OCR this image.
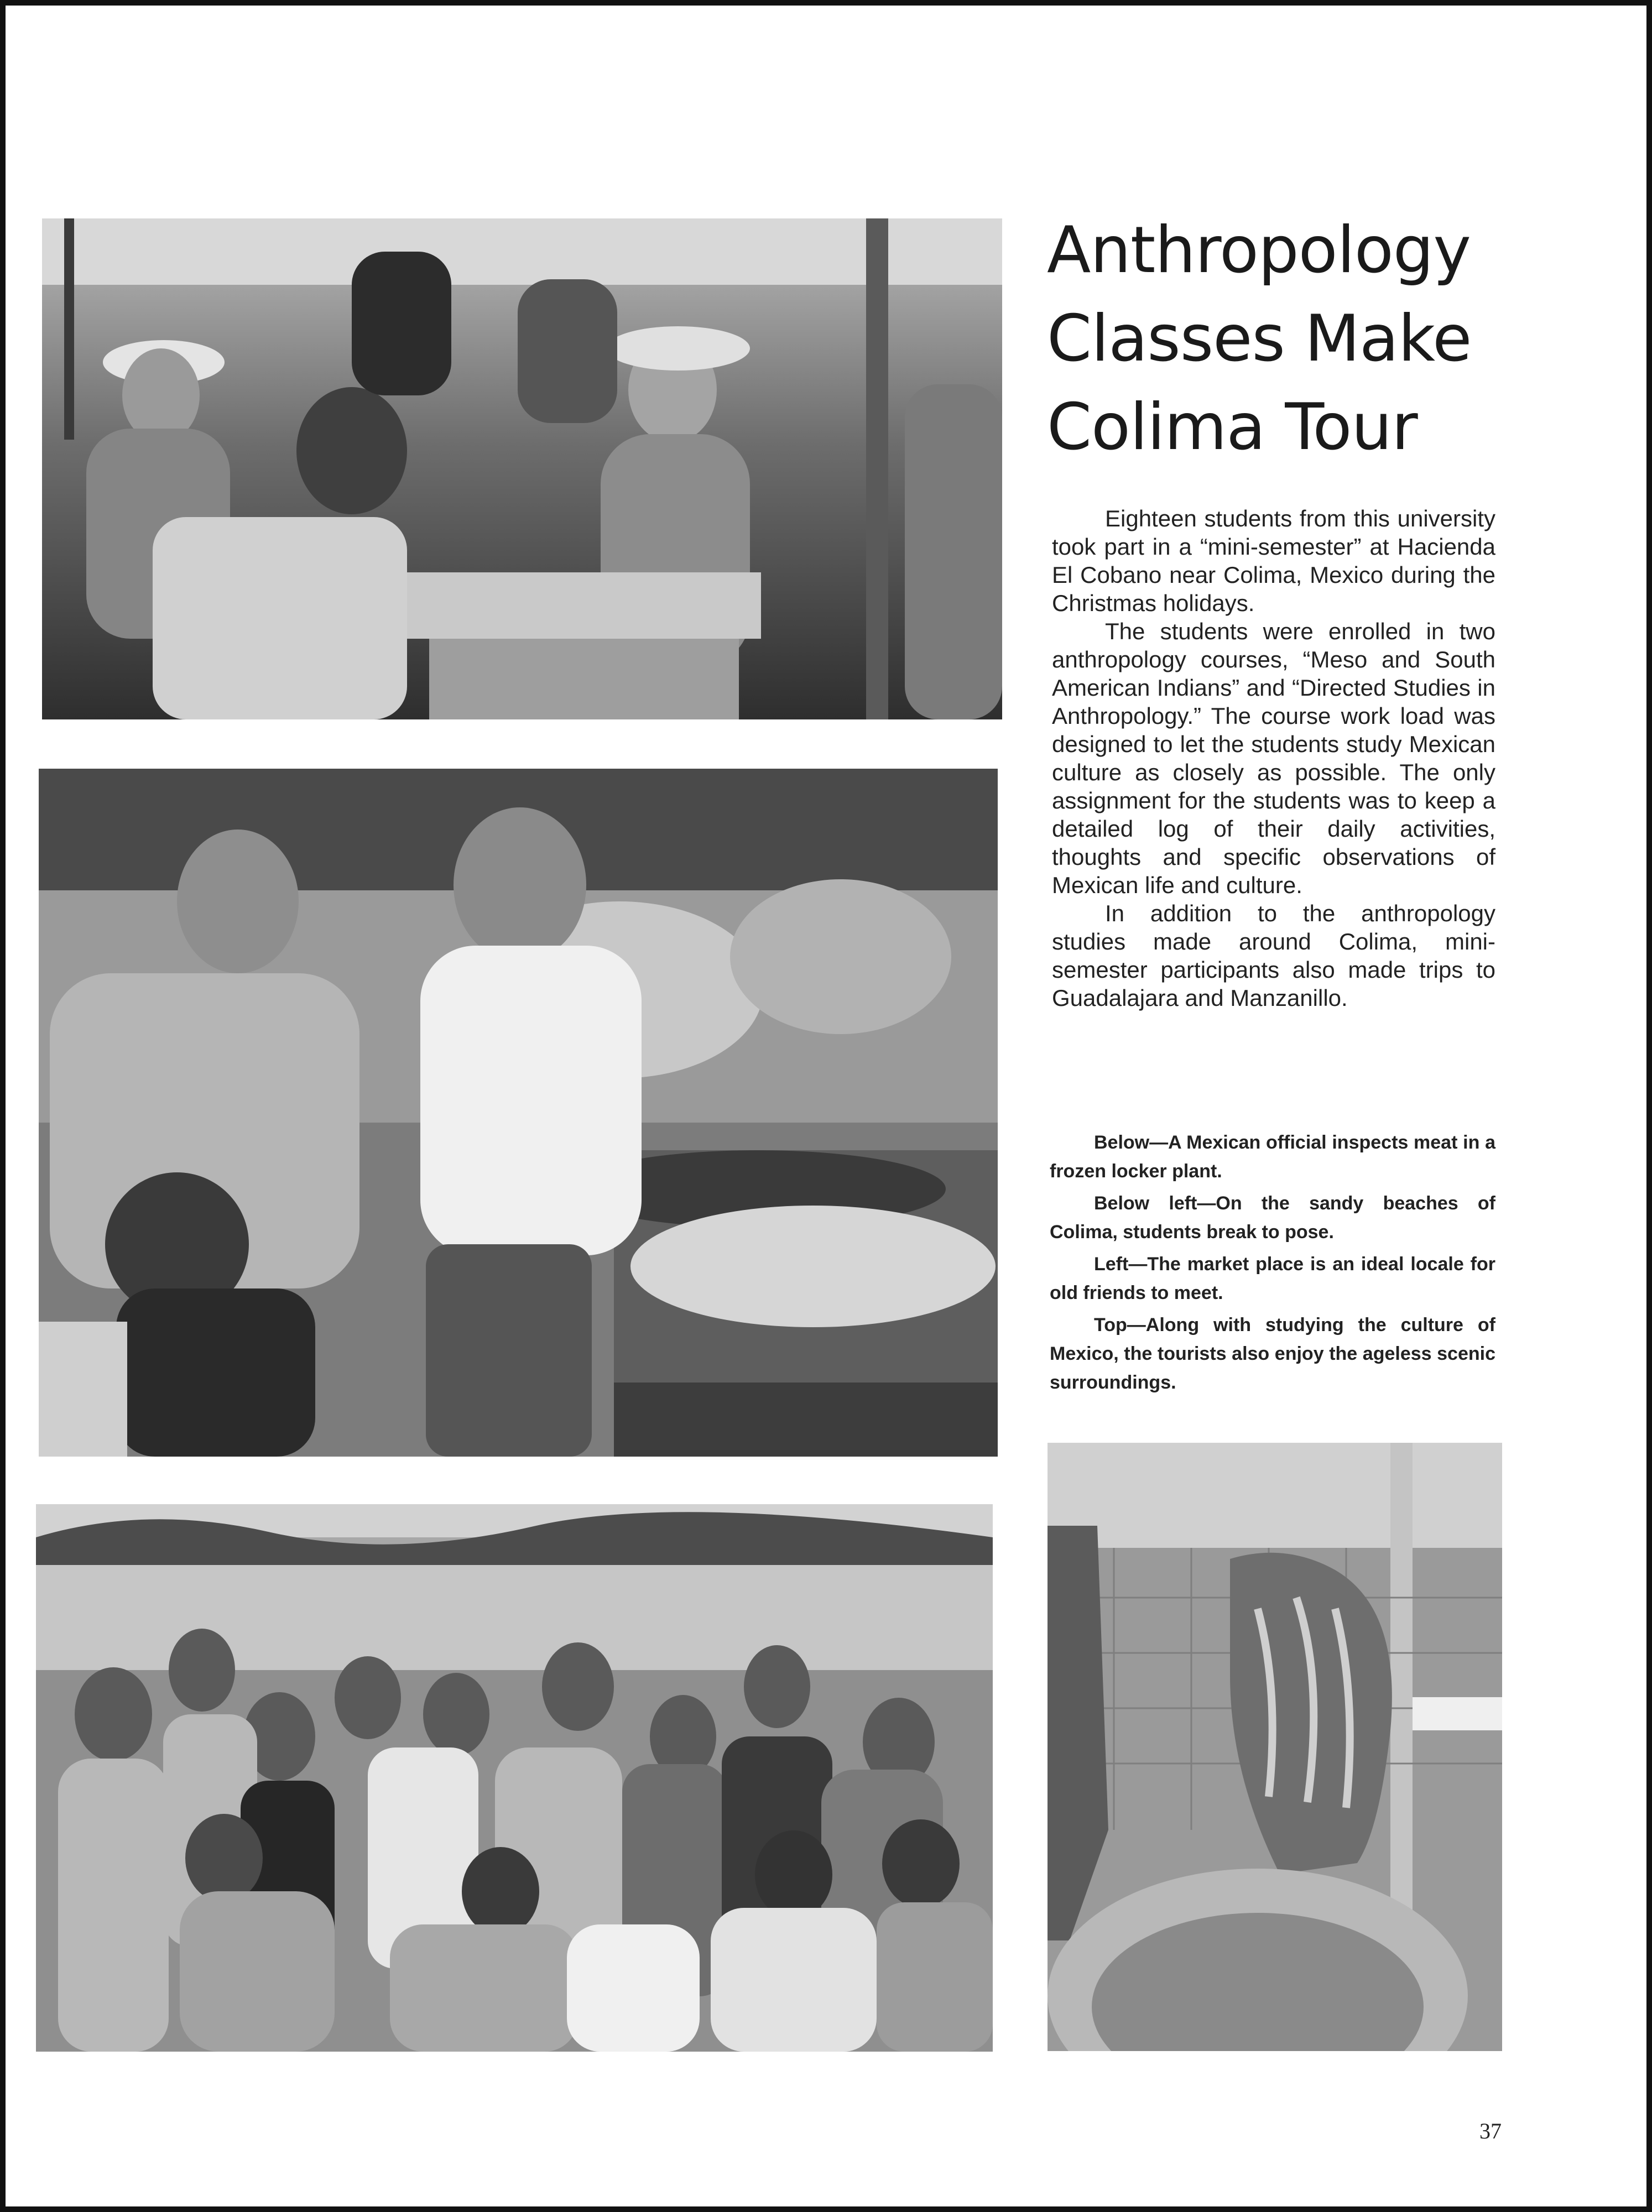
Anthropology
Classes Make
Colima Tour

Eighteen students from this university took part in a “mini-semester” at Hacienda El Cobano near Colima, Mexico during the Christmas holidays.

The students were enrolled in two anthropology courses, “Meso and South American Indians” and “Directed Studies in Anthropology.” The course work load was designed to let the students study Mexican culture as closely as possible. The only assignment for the students was to keep a detailed log of their daily activities, thoughts and specific observations of Mexican life and culture.

In addition to the anthropology studies made around Colima, mini-semester participants also made trips to Guadalajara and Manzanillo.

Below—A Mexican official inspects meat in a frozen locker plant.

Below left—On the sandy beaches of Colima, students break to pose.

Left—The market place is an ideal locale for old friends to meet.

Top—Along with studying the culture of Mexico, the tourists also enjoy the ageless scenic surroundings.

37
